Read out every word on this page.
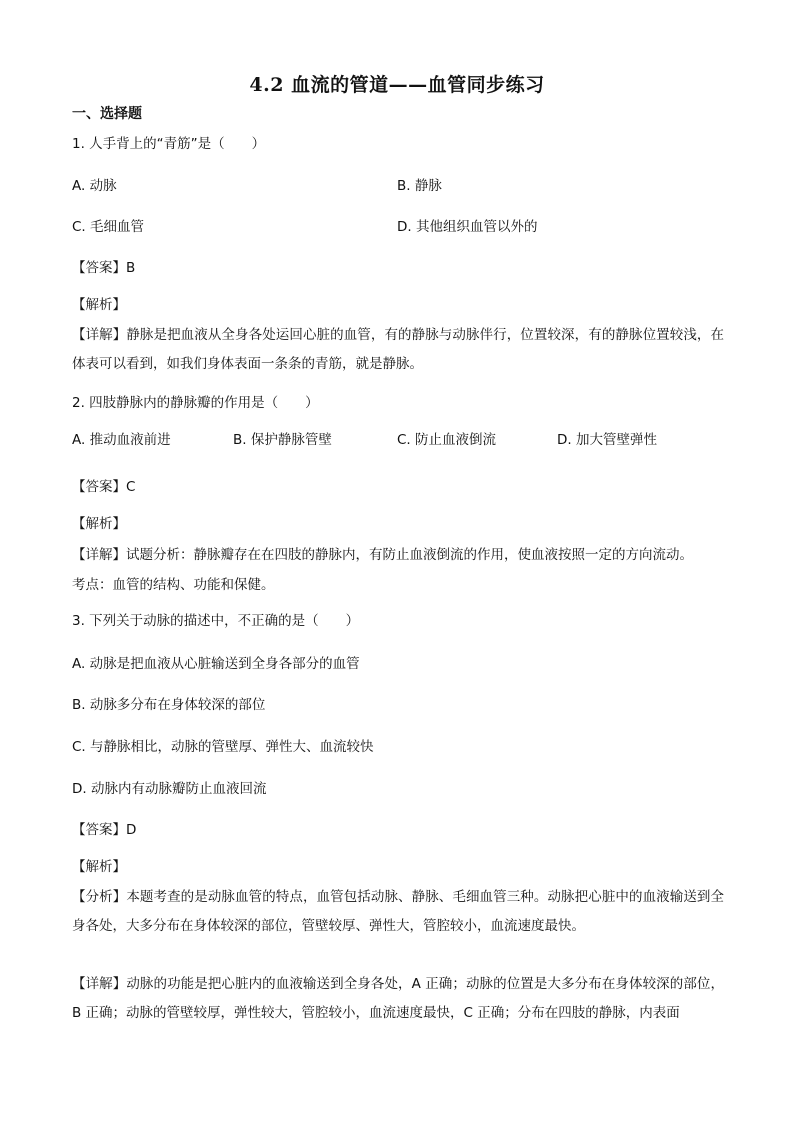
4.2 血流的管道——血管同步练习
一、选择题
1. 人手背上的“青筋”是（　　）
A. 动脉	B. 静脉
C. 毛细血管	D. 其他组织血管以外的
【答案】B
【解析】
【详解】静脉是把血液从全身各处运回心脏的血管，有的静脉与动脉伴行，位置较深，有的静脉位置较浅，在体表可以看到，如我们身体表面一条条的青筋，就是静脉。
2. 四肢静脉内的静脉瓣的作用是（　　）
A. 推动血液前进	B. 保护静脉管壁	C. 防止血液倒流	D. 加大管壁弹性
【答案】C
【解析】
【详解】试题分析：静脉瓣存在在四肢的静脉内，有防止血液倒流的作用，使血液按照一定的方向流动。
考点：血管的结构、功能和保健。
3. 下列关于动脉的描述中，不正确的是（　　）
A. 动脉是把血液从心脏输送到全身各部分的血管
B. 动脉多分布在身体较深的部位
C. 与静脉相比，动脉的管壁厚、弹性大、血流较快
D. 动脉内有动脉瓣防止血液回流
【答案】D
【解析】
【分析】本题考查的是动脉血管的特点，血管包括动脉、静脉、毛细血管三种。动脉把心脏中的血液输送到全身各处，大多分布在身体较深的部位，管壁较厚、弹性大，管腔较小，血流速度最快。
【详解】动脉的功能是把心脏内的血液输送到全身各处，A 正确；动脉的位置是大多分布在身体较深的部位，B 正确；动脉的管壁较厚，弹性较大，管腔较小，血流速度最快，C 正确；分布在四肢的静脉，内表面
